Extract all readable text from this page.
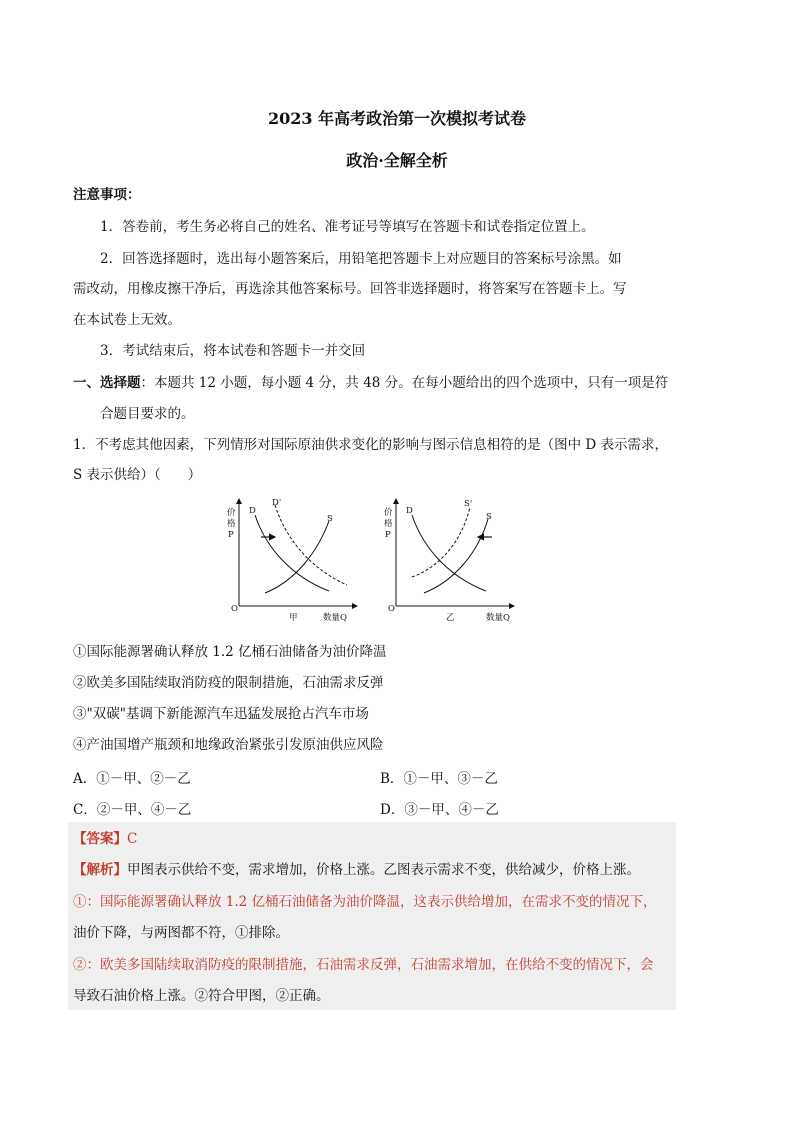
2023 年高考政治第一次模拟考试卷
政治·全解全析
注意事项：
1．答卷前，考生务必将自己的姓名、准考证号等填写在答题卡和试卷指定位置上。
2．回答选择题时，选出每小题答案后，用铅笔把答题卡上对应题目的答案标号涂黑。如
需改动，用橡皮擦干净后，再选涂其他答案标号。回答非选择题时，将答案写在答题卡上。写
在本试卷上无效。
3．考试结束后，将本试卷和答题卡一并交回
一、选择题：本题共 12 小题，每小题 4 分，共 48 分。在每小题给出的四个选项中，只有一项是符
合题目要求的。
1．不考虑其他因素，下列情形对国际原油供求变化的影响与图示信息相符的是（图中 D 表示需求，
S 表示供给）（　　）
价
格
P
D
D'
S
O
数量Q
甲
价
格
P
D
S'
S
O
数量Q
乙
①国际能源署确认释放 1.2 亿桶石油储备为油价降温
②欧美多国陆续取消防疫的限制措施，石油需求反弹
③"双碳"基调下新能源汽车迅猛发展抢占汽车市场
④产油国增产瓶颈和地缘政治紧张引发原油供应风险
A．①－甲、②－乙	B．①－甲、③－乙
C．②－甲、④－乙	D．③－甲、④－乙
【答案】C
【解析】甲图表示供给不变，需求增加，价格上涨。乙图表示需求不变，供给减少，价格上涨。
①：国际能源署确认释放 1.2 亿桶石油储备为油价降温，这表示供给增加，在需求不变的情况下，
油价下降，与两图都不符，①排除。
②：欧美多国陆续取消防疫的限制措施，石油需求反弹，石油需求增加，在供给不变的情况下，会
导致石油价格上涨。②符合甲图，②正确。
